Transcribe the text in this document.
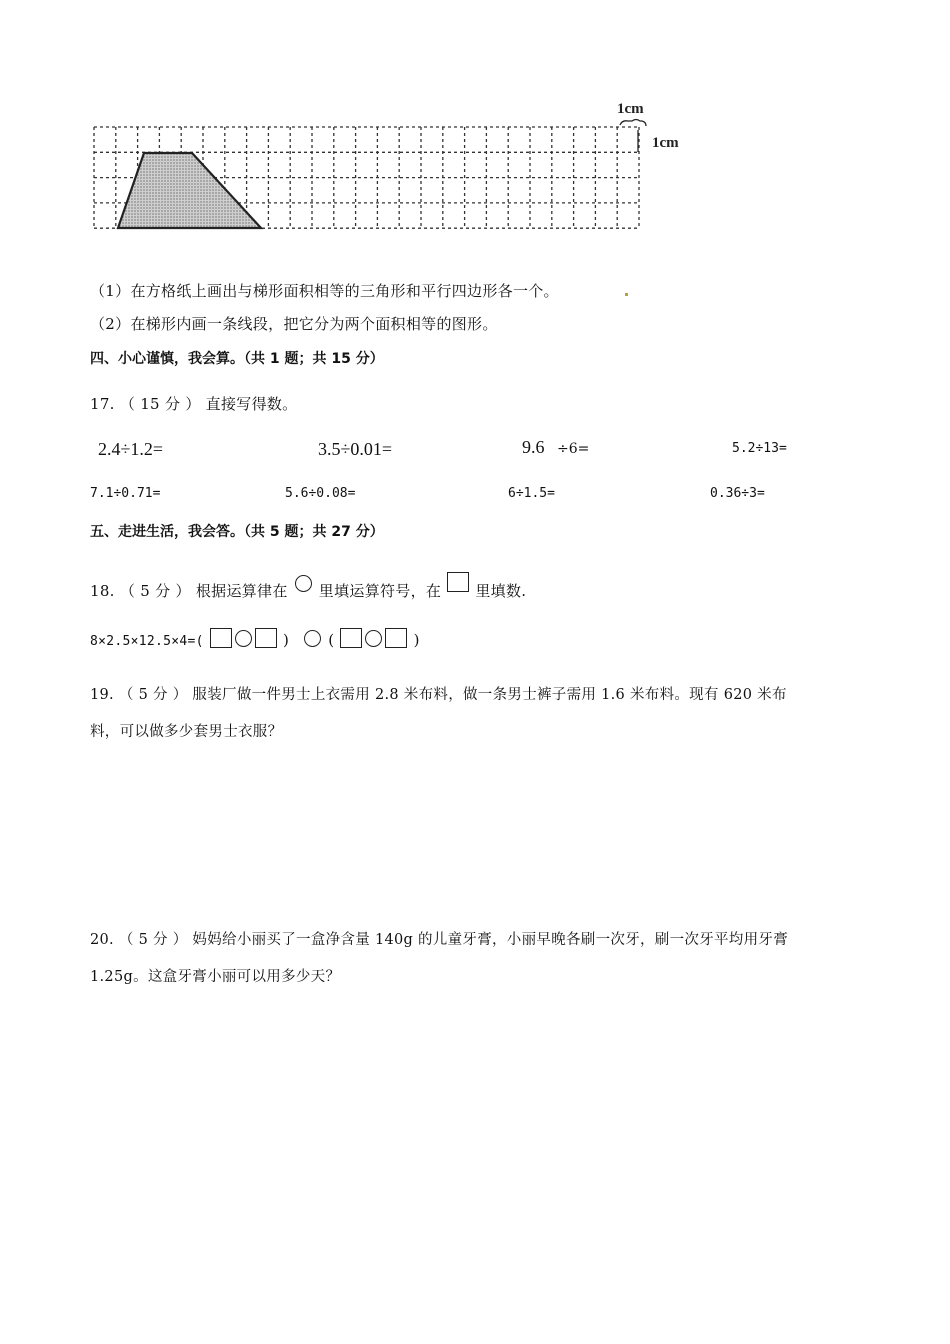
1cm
1cm
（1）在方格纸上画出与梯形面积相等的三角形和平行四边形各一个。
（2）在梯形内画一条线段，把它分为两个面积相等的图形。
四、小心谨慎，我会算。（共 1 题；共 15 分）
17. （ 15 分 ） 直接写得数。
2.4÷1.2=	3.5÷0.01=	9.6 ÷6=	5.2÷13=
7.1÷0.71=	5.6÷0.08=	6÷1.5=	0.36÷3=
五、走进生活，我会答。（共 5 题；共 27 分）
18. （ 5 分 ） 根据运算律在 里填运算符号，在 里填数.
8×2.5×12.5×4=(	)	(	)
19. （ 5 分 ） 服装厂做一件男士上衣需用 2.8 米布料，做一条男士裤子需用 1.6 米布料。现有 620 米布
料，可以做多少套男士衣服？
20. （ 5 分 ） 妈妈给小丽买了一盒净含量 140g 的儿童牙膏，小丽早晚各刷一次牙，刷一次牙平均用牙膏
1.25g。这盒牙膏小丽可以用多少天？
